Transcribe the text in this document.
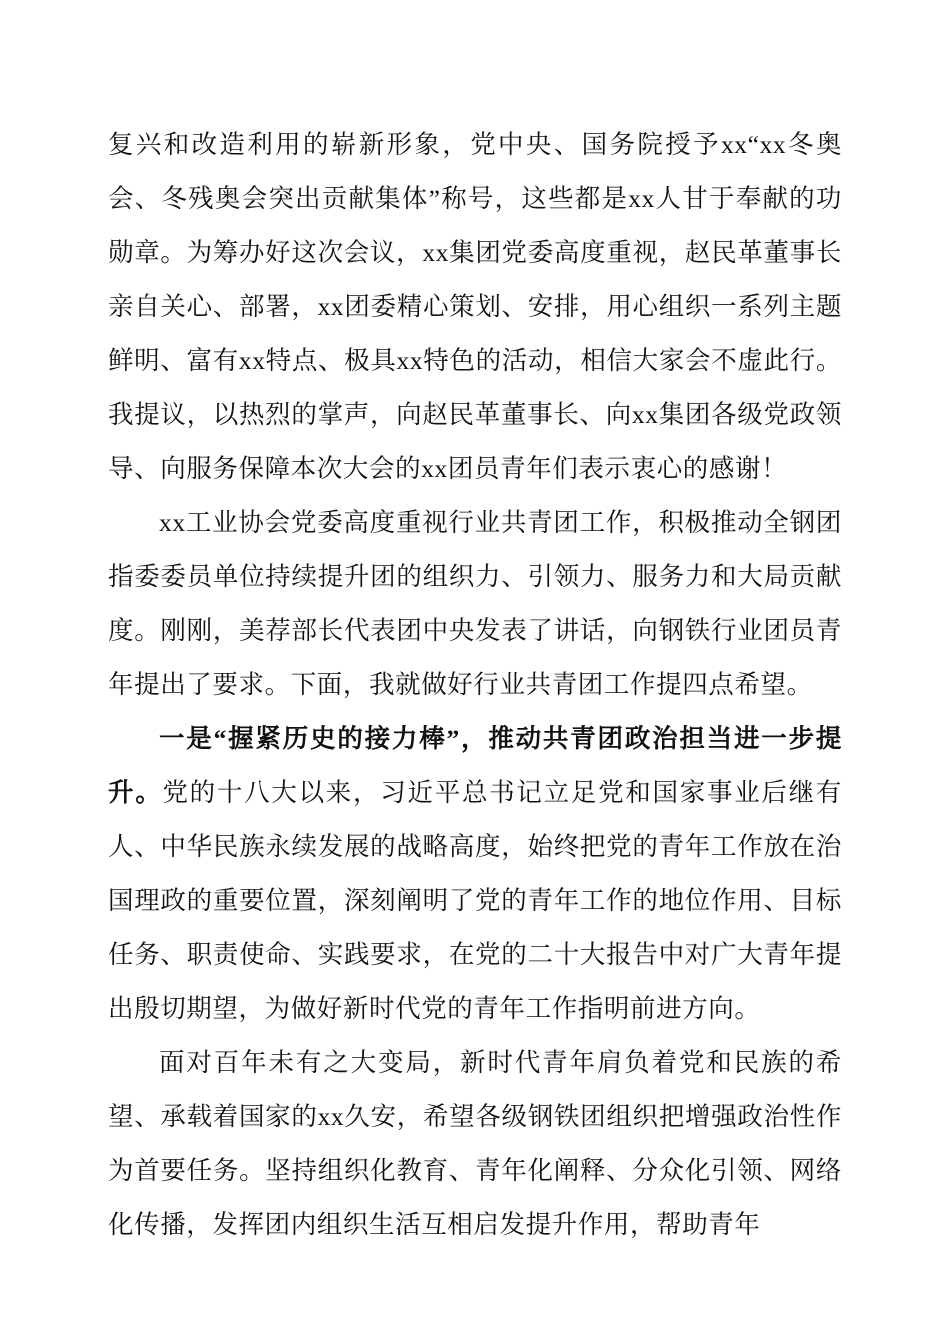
复兴和改造利用的崭新形象，党中央、国务院授予xx“xx冬奥会、冬残奥会突出贡献集体”称号，这些都是xx人甘于奉献的功勋章。为筹办好这次会议，xx集团党委高度重视，赵民革董事长亲自关心、部署，xx团委精心策划、安排，用心组织一系列主题鲜明、富有xx特点、极具xx特色的活动，相信大家会不虚此行。我提议，以热烈的掌声，向赵民革董事长、向xx集团各级党政领导、向服务保障本次大会的xx团员青年们表示衷心的感谢！

xx工业协会党委高度重视行业共青团工作，积极推动全钢团指委委员单位持续提升团的组织力、引领力、服务力和大局贡献度。刚刚，美荐部长代表团中央发表了讲话，向钢铁行业团员青年提出了要求。下面，我就做好行业共青团工作提四点希望。

一是“握紧历史的接力棒”，推动共青团政治担当进一步提升。党的十八大以来，习近平总书记立足党和国家事业后继有人、中华民族永续发展的战略高度，始终把党的青年工作放在治国理政的重要位置，深刻阐明了党的青年工作的地位作用、目标任务、职责使命、实践要求，在党的二十大报告中对广大青年提出殷切期望，为做好新时代党的青年工作指明前进方向。

面对百年未有之大变局，新时代青年肩负着党和民族的希望、承载着国家的xx久安，希望各级钢铁团组织把增强政治性作为首要任务。坚持组织化教育、青年化阐释、分众化引领、网络化传播，发挥团内组织生活互相启发提升作用，帮助青年
